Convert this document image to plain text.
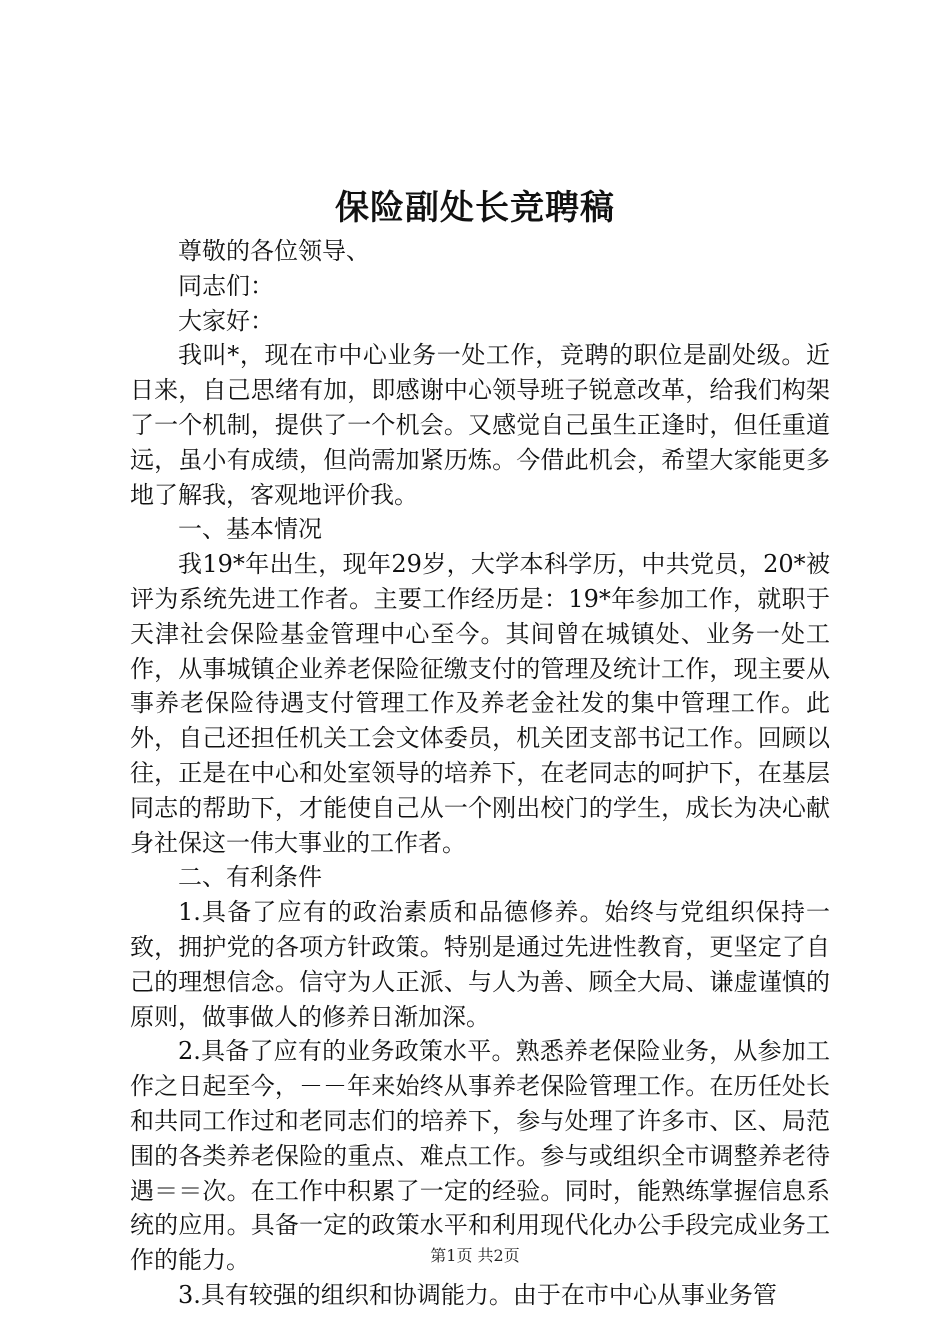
保险副处长竞聘稿

尊敬的各位领导、

同志们：

大家好：

我叫*，现在市中心业务一处工作，竞聘的职位是副处级。近日来，自己思绪有加，即感谢中心领导班子锐意改革，给我们构架了一个机制，提供了一个机会。又感觉自己虽生正逢时，但任重道远，虽小有成绩，但尚需加紧历炼。今借此机会，希望大家能更多地了解我，客观地评价我。

一、基本情况

我19*年出生，现年29岁，大学本科学历，中共党员，20*被评为系统先进工作者。主要工作经历是：19*年参加工作，就职于天津社会保险基金管理中心至今。其间曾在城镇处、业务一处工作，从事城镇企业养老保险征缴支付的管理及统计工作，现主要从事养老保险待遇支付管理工作及养老金社发的集中管理工作。此外，自己还担任机关工会文体委员，机关团支部书记工作。回顾以往，正是在中心和处室领导的培养下，在老同志的呵护下，在基层同志的帮助下，才能使自己从一个刚出校门的学生，成长为决心献身社保这一伟大事业的工作者。

二、有利条件

1.具备了应有的政治素质和品德修养。始终与党组织保持一致，拥护党的各项方针政策。特别是通过先进性教育，更坚定了自己的理想信念。信守为人正派、与人为善、顾全大局、谦虚谨慎的原则，做事做人的修养日渐加深。

2.具备了应有的业务政策水平。熟悉养老保险业务，从参加工作之日起至今，－－年来始终从事养老保险管理工作。在历任处长和共同工作过和老同志们的培养下，参与处理了许多市、区、局范围的各类养老保险的重点、难点工作。参与或组织全市调整养老待遇＝＝次。在工作中积累了一定的经验。同时，能熟练掌握信息系统的应用。具备一定的政策水平和利用现代化办公手段完成业务工作的能力。

3.具有较强的组织和协调能力。由于在市中心从事业务管

第1页 共2页
